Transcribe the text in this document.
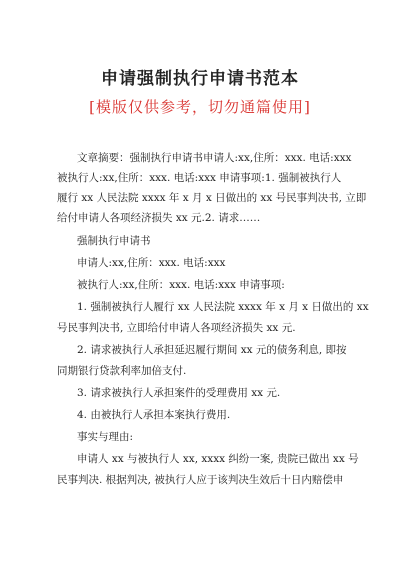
申请强制执行申请书范本
[模版仅供参考，切勿通篇使用]
文章摘要：强制执行申请书申请人:xx,住所：xxx. 电话:xxx
被执行人:xx,住所：xxx. 电话:xxx 申请事项:1. 强制被执行人
履行 xx 人民法院 xxxx 年 x 月 x 日做出的 xx 号民事判决书, 立即
给付申请人各项经济损失 xx 元.2. 请求……
强制执行申请书
申请人:xx,住所：xxx. 电话:xxx
被执行人:xx,住所：xxx. 电话:xxx 申请事项:
1. 强制被执行人履行 xx 人民法院 xxxx 年 x 月 x 日做出的 xx
号民事判决书, 立即给付申请人各项经济损失 xx 元.
2. 请求被执行人承担延迟履行期间 xx 元的债务利息, 即按
同期银行贷款利率加倍支付.
3. 请求被执行人承担案件的受理费用 xx 元.
4. 由被执行人承担本案执行费用.
事实与理由:
申请人 xx 与被执行人 xx, xxxx 纠纷一案, 贵院已做出 xx 号
民事判决. 根据判决, 被执行人应于该判决生效后十日内赔偿申
